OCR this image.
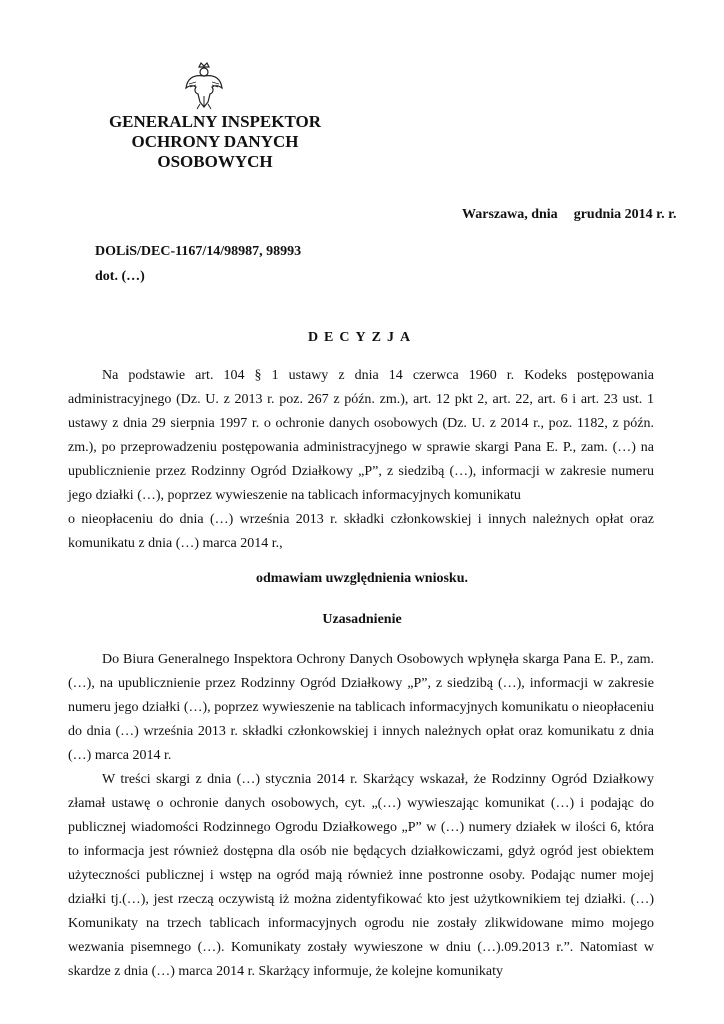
GENERALNY INSPEKTOR
OCHRONY DANYCH
OSOBOWYCH
Warszawa, dnia grudnia 2014 r. r.
DOLiS/DEC-1167/14/98987, 98993
dot. (…)
DECYZJA
Na podstawie art. 104 § 1 ustawy z dnia 14 czerwca 1960 r. Kodeks postępowania administracyjnego (Dz. U. z 2013 r. poz. 267 z późn. zm.), art. 12 pkt 2, art. 22, art. 6 i art. 23 ust. 1 ustawy z dnia 29 sierpnia 1997 r. o ochronie danych osobowych (Dz. U. z 2014 r., poz. 1182, z późn. zm.), po przeprowadzeniu postępowania administracyjnego w sprawie skargi Pana E. P., zam. (…) na upublicznienie przez Rodzinny Ogród Działkowy „P”, z siedzibą (…), informacji w zakresie numeru jego działki (…), poprzez wywieszenie na tablicach informacyjnych komunikatu
o nieopłaceniu do dnia (…) września 2013 r. składki członkowskiej i innych należnych opłat oraz komunikatu z dnia (…) marca 2014 r.,
odmawiam uwzględnienia wniosku.
Uzasadnienie
Do Biura Generalnego Inspektora Ochrony Danych Osobowych wpłynęła skarga Pana E. P., zam. (…), na upublicznienie przez Rodzinny Ogród Działkowy „P”, z siedzibą (…), informacji w zakresie numeru jego działki (…), poprzez wywieszenie na tablicach informacyjnych komunikatu o nieopłaceniu do dnia (…) września 2013 r. składki członkowskiej i innych należnych opłat oraz komunikatu z dnia (…) marca 2014 r.
W treści skargi z dnia (…) stycznia 2014 r. Skarżący wskazał, że Rodzinny Ogród Działkowy złamał ustawę o ochronie danych osobowych, cyt. „(…) wywieszając komunikat (…) i podając do publicznej wiadomości Rodzinnego Ogrodu Działkowego „P” w (…) numery działek w ilości 6, która to informacja jest również dostępna dla osób nie będących działkowiczami, gdyż ogród jest obiektem użyteczności publicznej i wstęp na ogród mają również inne postronne osoby. Podając numer mojej działki tj.(…), jest rzeczą oczywistą iż można zidentyfikować kto jest użytkownikiem tej działki. (…) Komunikaty na trzech tablicach informacyjnych ogrodu nie zostały zlikwidowane mimo mojego wezwania pisemnego (…). Komunikaty zostały wywieszone w dniu (…).09.2013 r.”. Natomiast w skardze z dnia (…) marca 2014 r. Skarżący informuje, że kolejne komunikaty
